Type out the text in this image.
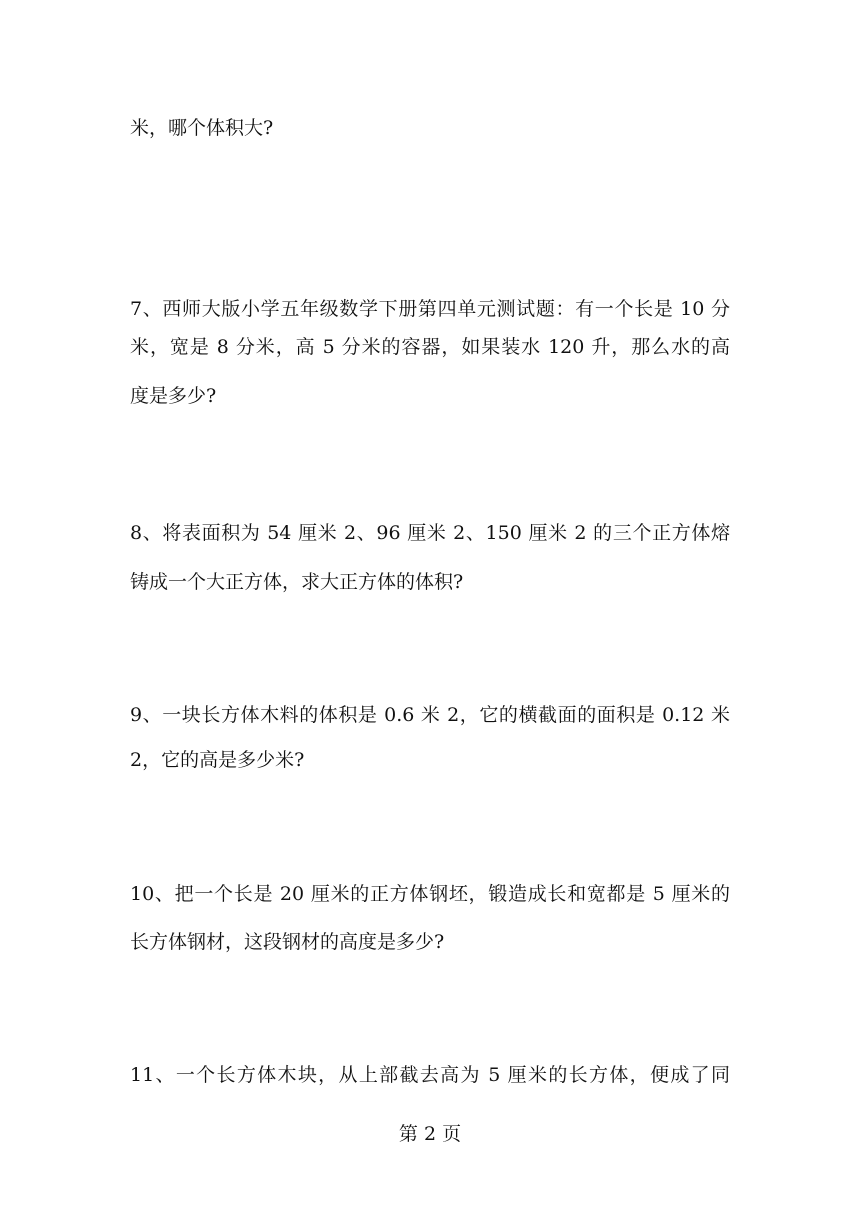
米，哪个体积大?
7、西师大版小学五年级数学下册第四单元测试题：有一个长是 10 分
米，宽是 8 分米，高 5 分米的容器，如果装水 120 升，那么水的高
度是多少?
8、将表面积为 54 厘米 2、96 厘米 2、150 厘米 2 的三个正方体熔
铸成一个大正方体，求大正方体的体积?
9、一块长方体木料的体积是 0.6 米 2，它的横截面的面积是 0.12 米
2，它的高是多少米?
10、把一个长是 20 厘米的正方体钢坯，锻造成长和宽都是 5 厘米的
长方体钢材，这段钢材的高度是多少?
11、一个长方体木块，从上部截去高为 5 厘米的长方体，便成了同
第 2 页
